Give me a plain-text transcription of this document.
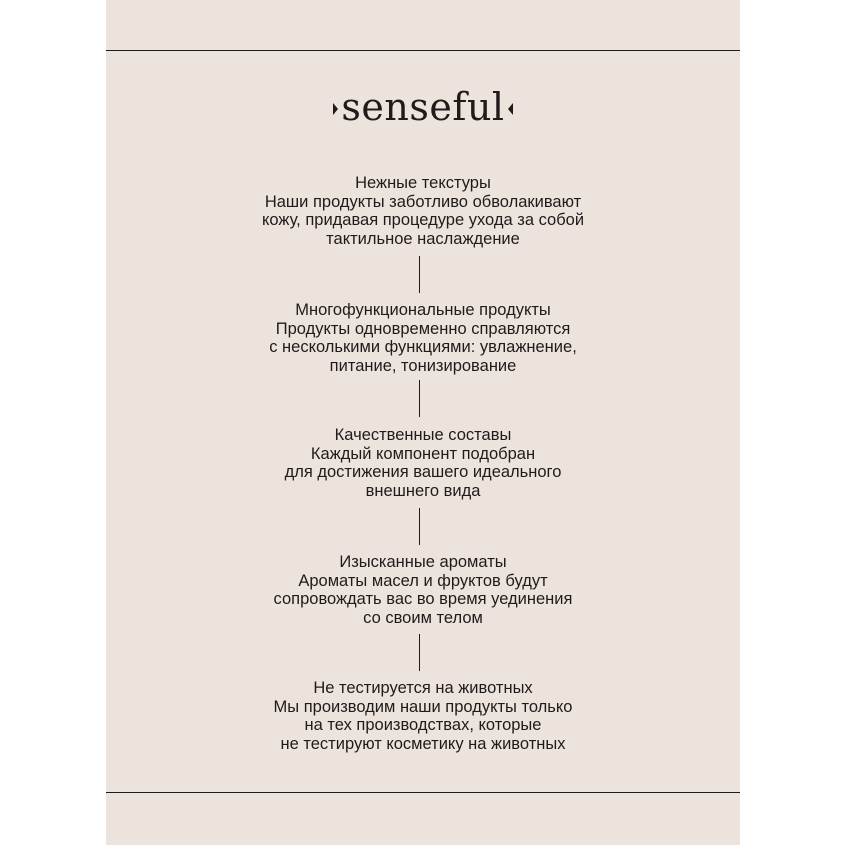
senseful
Нежные текстуры
Наши продукты заботливо обволакивают
кожу, придавая процедуре ухода за собой
тактильное наслаждение
Многофункциональные продукты
Продукты одновременно справляются
с несколькими функциями: увлажнение,
питание, тонизирование
Качественные составы
Каждый компонент подобран
для достижения вашего идеального
внешнего вида
Изысканные ароматы
Ароматы масел и фруктов будут
сопровождать вас во время уединения
со своим телом
Не тестируется на животных
Мы производим наши продукты только
на тех производствах, которые
не тестируют косметику на животных
